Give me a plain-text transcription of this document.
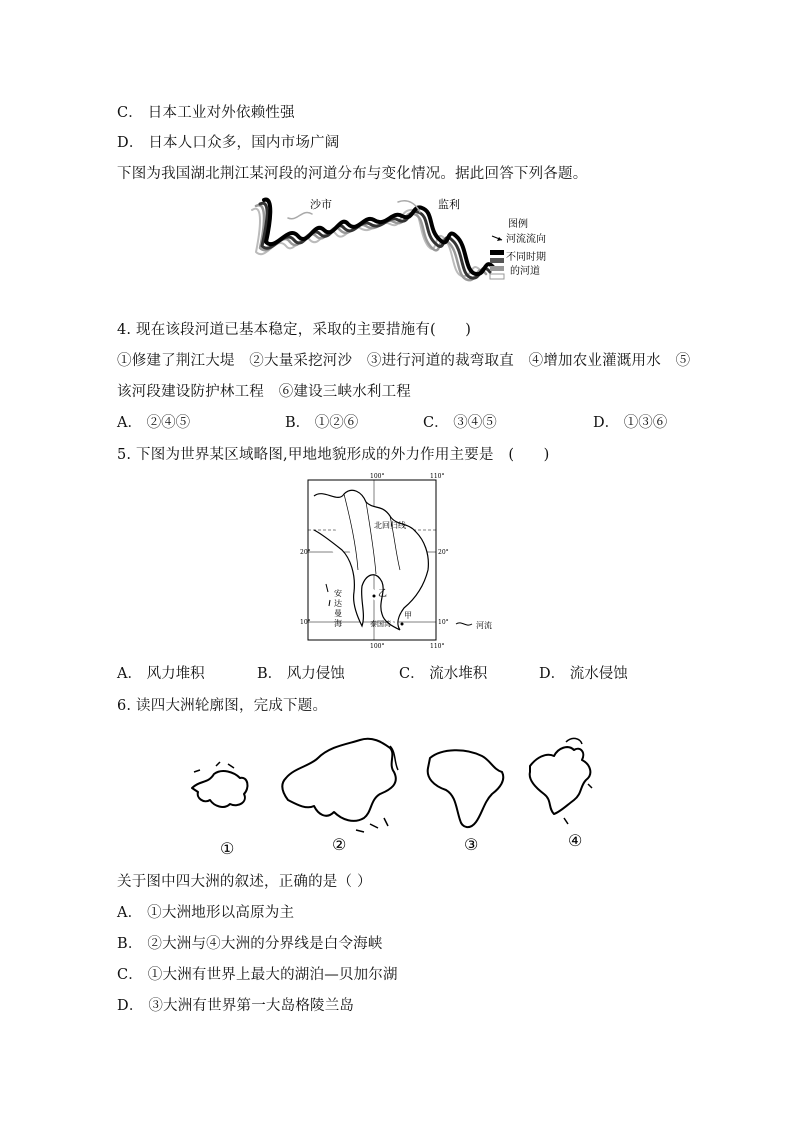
C． 日本工业对外依赖性强
D． 日本人口众多，国内市场广阔
下图为我国湖北荆江某河段的河道分布与变化情况。据此回答下列各题。
沙市	监利
图例
河流流向
不同时期
的河道
4. 现在该段河道已基本稳定，采取的主要措施有(　　)
①修建了荆江大堤　②大量采挖河沙　③进行河道的裁弯取直　④增加农业灌溉用水　⑤
该河段建设防护林工程　⑥建设三峡水利工程
A． ②④⑤	B． ①②⑥	C． ③④⑤	D． ①③⑥
5. 下图为世界某区域略图,甲地地貌形成的外力作用主要是　(　　)
100°	110°
100°	110°
20°	20°
10°	10°
北回归线
乙
甲
安
达
曼
海	泰国湾	河流
A． 风力堆积	B． 风力侵蚀	C． 流水堆积	D． 流水侵蚀
6. 读四大洲轮廓图，完成下题。
①	②	③	④
关于图中四大洲的叙述，正确的是（ ）
A． ①大洲地形以高原为主
B． ②大洲与④大洲的分界线是白令海峡
C． ①大洲有世界上最大的湖泊—贝加尔湖
D． ③大洲有世界第一大岛格陵兰岛
